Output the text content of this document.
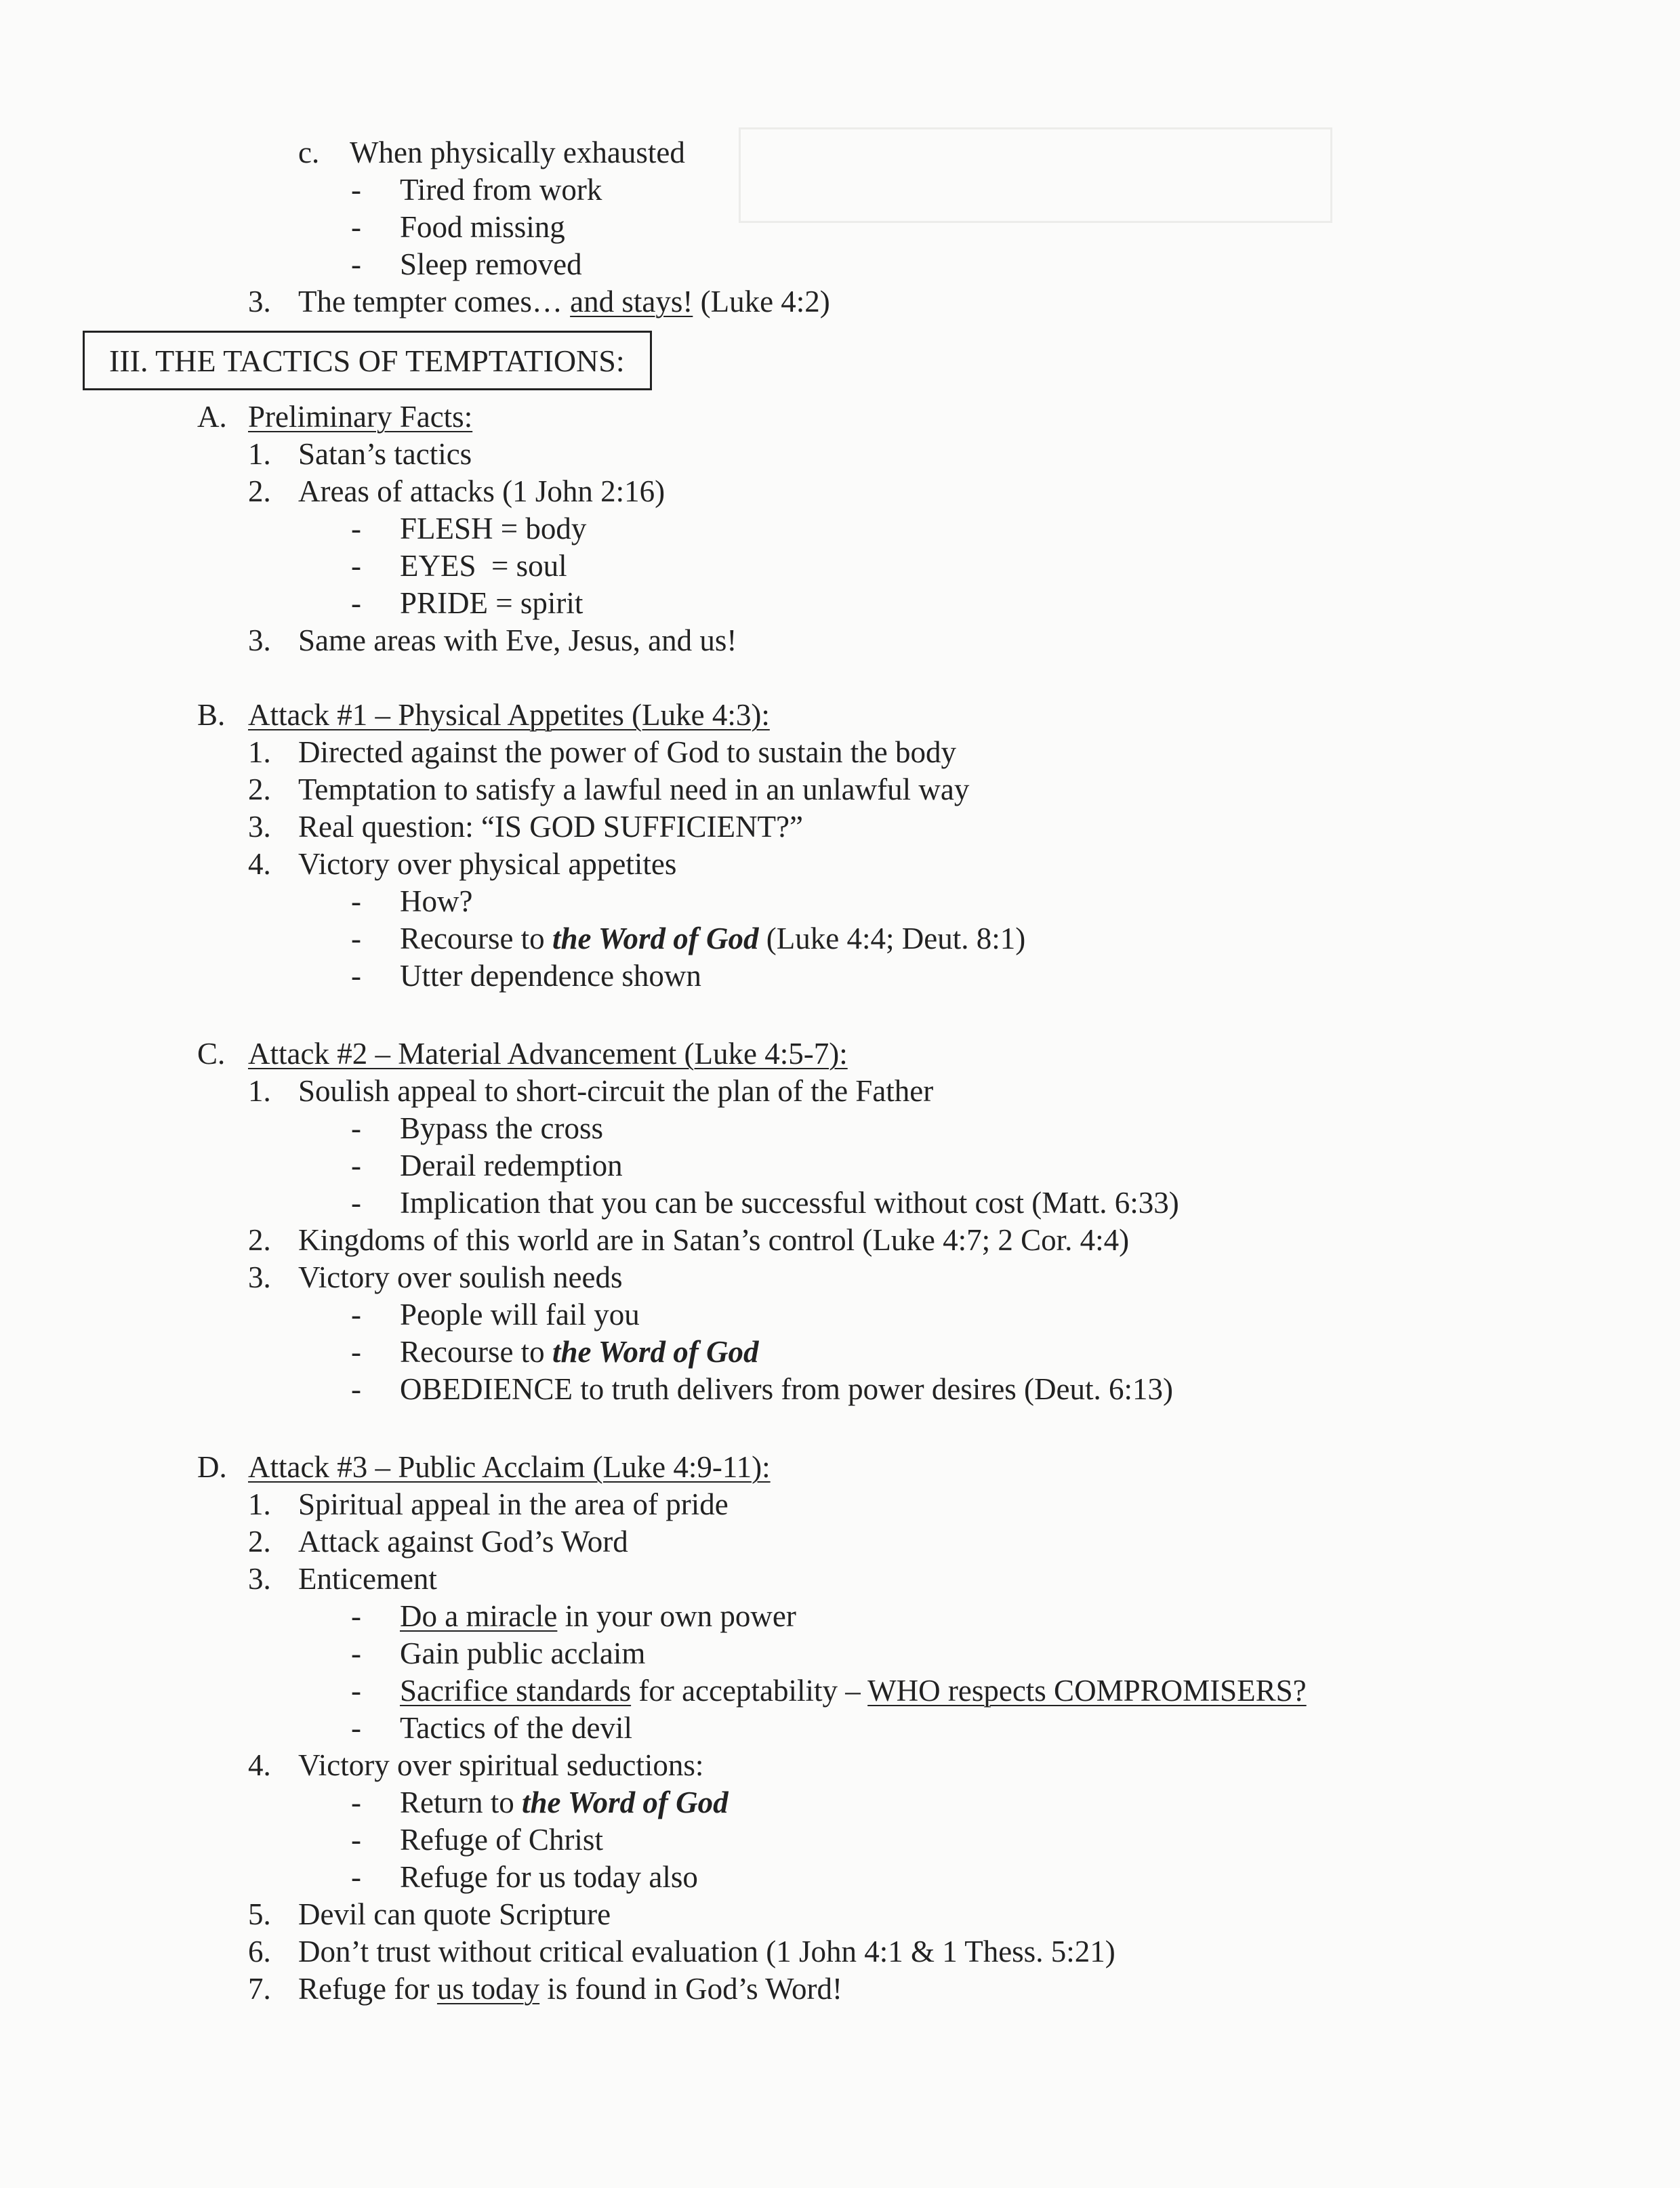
c. When physically exhausted
- Tired from work
- Food missing
- Sleep removed
3. The tempter comes… and stays! (Luke 4:2)
III. THE TACTICS OF TEMPTATIONS:
A. Preliminary Facts:
1. Satan’s tactics
2. Areas of attacks (1 John 2:16)
- FLESH = body
- EYES  = soul
- PRIDE = spirit
3. Same areas with Eve, Jesus, and us!
B. Attack #1 – Physical Appetites (Luke 4:3):
1. Directed against the power of God to sustain the body
2. Temptation to satisfy a lawful need in an unlawful way
3. Real question: “IS GOD SUFFICIENT?”
4. Victory over physical appetites
- How?
- Recourse to the Word of God (Luke 4:4; Deut. 8:1)
- Utter dependence shown
C. Attack #2 – Material Advancement (Luke 4:5-7):
1. Soulish appeal to short-circuit the plan of the Father
- Bypass the cross
- Derail redemption
- Implication that you can be successful without cost (Matt. 6:33)
2. Kingdoms of this world are in Satan’s control (Luke 4:7; 2 Cor. 4:4)
3. Victory over soulish needs
- People will fail you
- Recourse to the Word of God
- OBEDIENCE to truth delivers from power desires (Deut. 6:13)
D. Attack #3 – Public Acclaim (Luke 4:9-11):
1. Spiritual appeal in the area of pride
2. Attack against God’s Word
3. Enticement
- Do a miracle in your own power
- Gain public acclaim
- Sacrifice standards for acceptability – WHO respects COMPROMISERS?
- Tactics of the devil
4. Victory over spiritual seductions:
- Return to the Word of God
- Refuge of Christ
- Refuge for us today also
5. Devil can quote Scripture
6. Don’t trust without critical evaluation (1 John 4:1 & 1 Thess. 5:21)
7. Refuge for us today is found in God’s Word!
